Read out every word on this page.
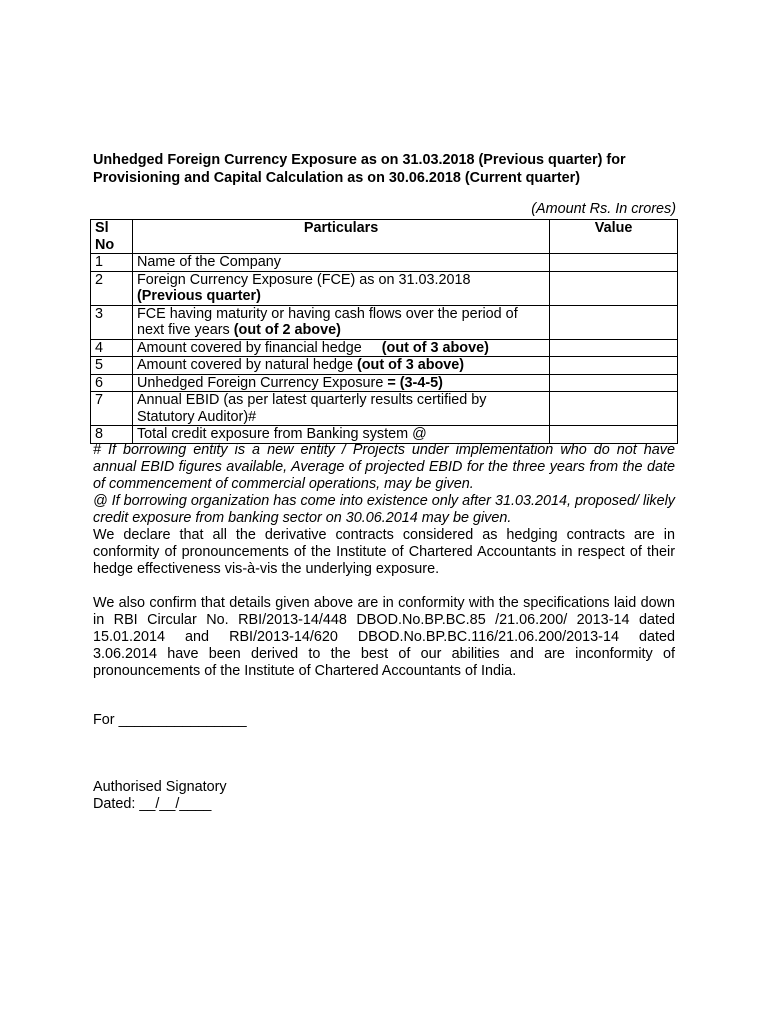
Unhedged Foreign Currency Exposure as on 31.03.2018 (Previous quarter) for
Provisioning and Capital Calculation as on 30.06.2018 (Current quarter)
(Amount Rs. In crores)
Sl
No	Particulars	Value
1	Name of the Company	
2	Foreign Currency Exposure (FCE) as on 31.03.2018
(Previous quarter)	
3	FCE having maturity or having cash flows over the period of next five years (out of 2 above)	
4	Amount covered by financial hedge (out of 3 above)	
5	Amount covered by natural hedge (out of 3 above)	
6	Unhedged Foreign Currency Exposure = (3-4-5)	
7	Annual EBID (as per latest quarterly results certified by Statutory Auditor)#	
8	Total credit exposure from Banking system @	

# If borrowing entity is a new entity / Projects under implementation who do not have annual EBID figures available, Average of projected EBID for the three years from the date of commencement of commercial operations, may be given.

@ If borrowing organization has come into existence only after 31.03.2014, proposed/ likely credit exposure from banking sector on 30.06.2014 may be given.

We declare that all the derivative contracts considered as hedging contracts are in conformity of pronouncements of the Institute of Chartered Accountants in respect of their hedge effectiveness vis-à-vis the underlying exposure.

We also confirm that details given above are in conformity with the specifications laid down in RBI Circular No. RBI/2013-14/448 DBOD.No.BP.BC.85 /21.06.200/ 2013-14 dated 15.01.2014 and RBI/2013-14/620 DBOD.No.BP.BC.116/21.06.200/2013-14 dated 3.06.2014 have been derived to the best of our abilities and are inconformity of pronouncements of the Institute of Chartered Accountants of India.

For ________________
Authorised Signatory
Dated: __/__/____
